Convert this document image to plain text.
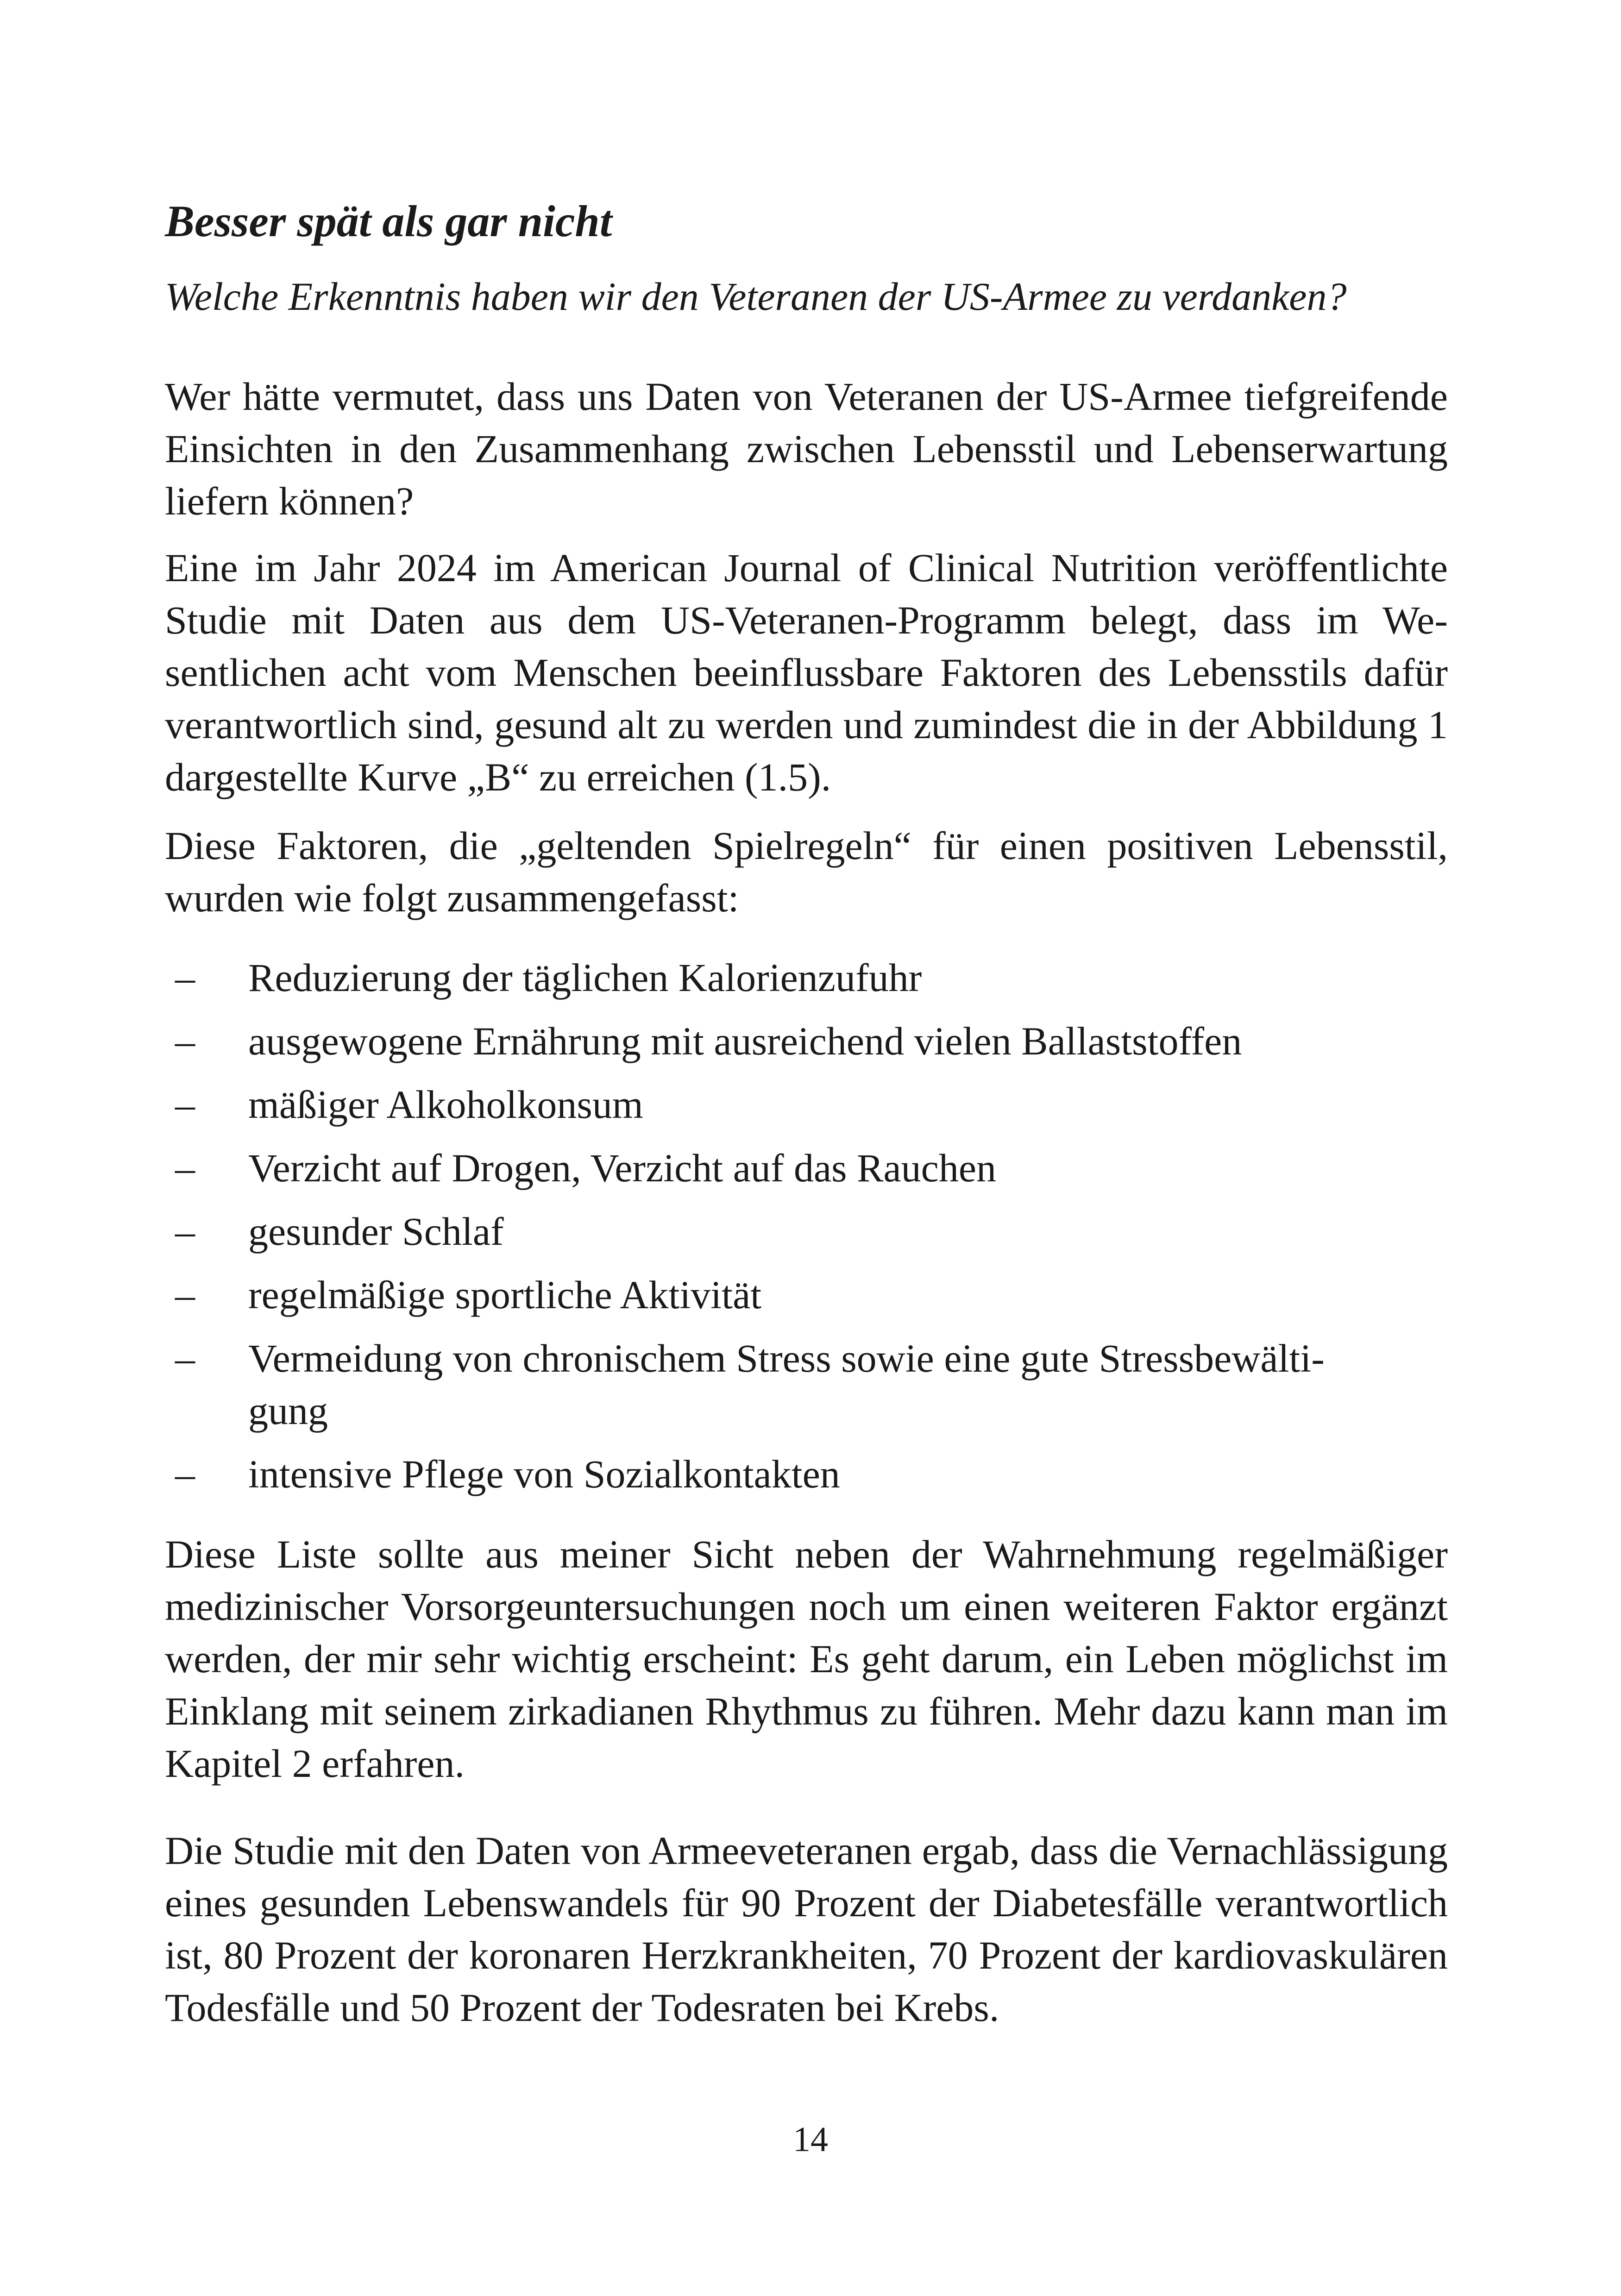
Besser spät als gar nicht
Welche Erkenntnis haben wir den Veteranen der US-Armee zu verdanken?

Wer hätte vermutet, dass uns Daten von Veteranen der US-Armee tiefgreifende Einsichten in den Zusammenhang zwischen Lebensstil und Lebenserwartung liefern können?

Eine im Jahr 2024 im American Journal of Clinical Nutrition veröffentlichte Studie mit Daten aus dem US-Veteranen-Programm belegt, dass im Wesentlichen acht vom Menschen beeinflussbare Faktoren des Lebensstils dafür verantwortlich sind, gesund alt zu werden und zumindest die in der Abbildung 1 dargestellte Kurve „B“ zu erreichen (1.5).

Diese Faktoren, die „geltenden Spielregeln“ für einen positiven Lebensstil, wurden wie folgt zusammengefasst:

– Reduzierung der täglichen Kalorienzufuhr
– ausgewogene Ernährung mit ausreichend vielen Ballaststoffen
– mäßiger Alkoholkonsum
– Verzicht auf Drogen, Verzicht auf das Rauchen
– gesunder Schlaf
– regelmäßige sportliche Aktivität
– Vermeidung von chronischem Stress sowie eine gute Stressbewältigung
– intensive Pflege von Sozialkontakten

Diese Liste sollte aus meiner Sicht neben der Wahrnehmung regelmäßiger medizinischer Vorsorgeuntersuchungen noch um einen weiteren Faktor ergänzt werden, der mir sehr wichtig erscheint: Es geht darum, ein Leben möglichst im Einklang mit seinem zirkadianen Rhythmus zu führen. Mehr dazu kann man im Kapitel 2 erfahren.

Die Studie mit den Daten von Armeeveteranen ergab, dass die Vernachlässigung eines gesunden Lebenswandels für 90 Prozent der Diabetesfälle verantwortlich ist, 80 Prozent der koronaren Herzkrankheiten, 70 Prozent der kardiovaskulären Todesfälle und 50 Prozent der Todesraten bei Krebs.

14
